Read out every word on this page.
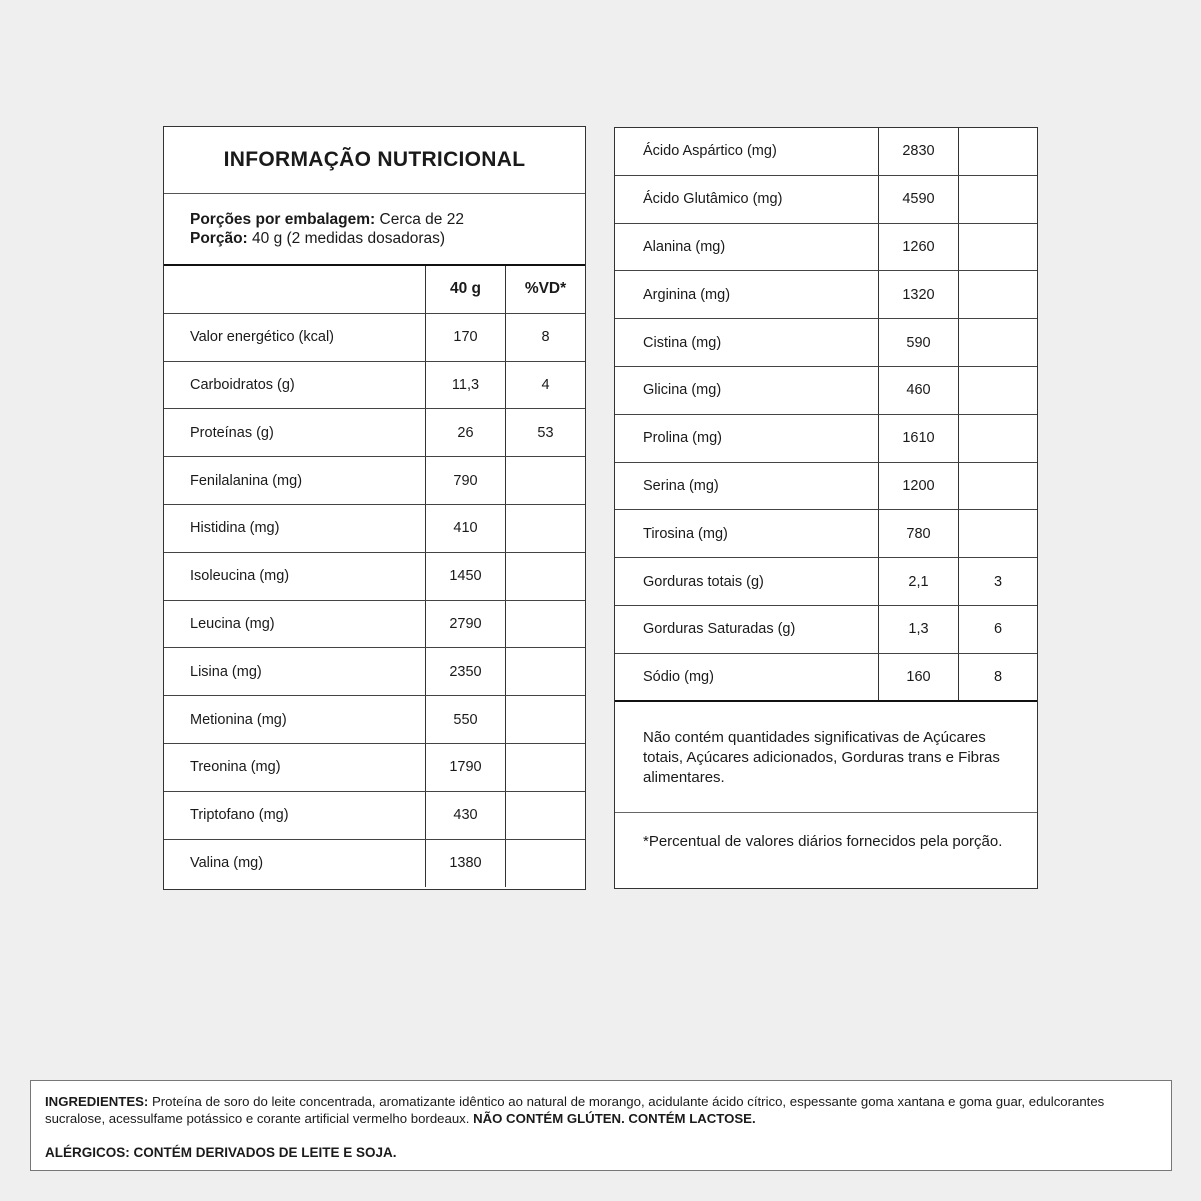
INFORMAÇÃO NUTRICIONAL
Porções por embalagem: Cerca de 22
Porção: 40 g (2 medidas dosadoras)
40 g	%VD*
Valor energético (kcal)	170	8
Carboidratos (g)	11,3	4
Proteínas (g)	26	53
Fenilalanina (mg)	790
Histidina (mg)	410
Isoleucina (mg)	1450
Leucina (mg)	2790
Lisina (mg)	2350
Metionina (mg)	550
Treonina (mg)	1790
Triptofano (mg)	430
Valina (mg)	1380
Ácido Aspártico (mg)	2830
Ácido Glutâmico (mg)	4590
Alanina (mg)	1260
Arginina (mg)	1320
Cistina (mg)	590
Glicina (mg)	460
Prolina (mg)	1610
Serina (mg)	1200
Tirosina (mg)	780
Gorduras totais (g)	2,1	3
Gorduras Saturadas (g)	1,3	6
Sódio (mg)	160	8
Não contém quantidades significativas de Açúcares totais, Açúcares adicionados, Gorduras trans e Fibras alimentares.
*Percentual de valores diários fornecidos pela porção.
INGREDIENTES: Proteína de soro do leite concentrada, aromatizante idêntico ao natural de morango, acidulante ácido cítrico, espessante goma xantana e goma guar, edulcorantes sucralose, acessulfame potássico e corante artificial vermelho bordeaux. NÃO CONTÉM GLÚTEN. CONTÉM LACTOSE.
ALÉRGICOS: CONTÉM DERIVADOS DE LEITE E SOJA.
